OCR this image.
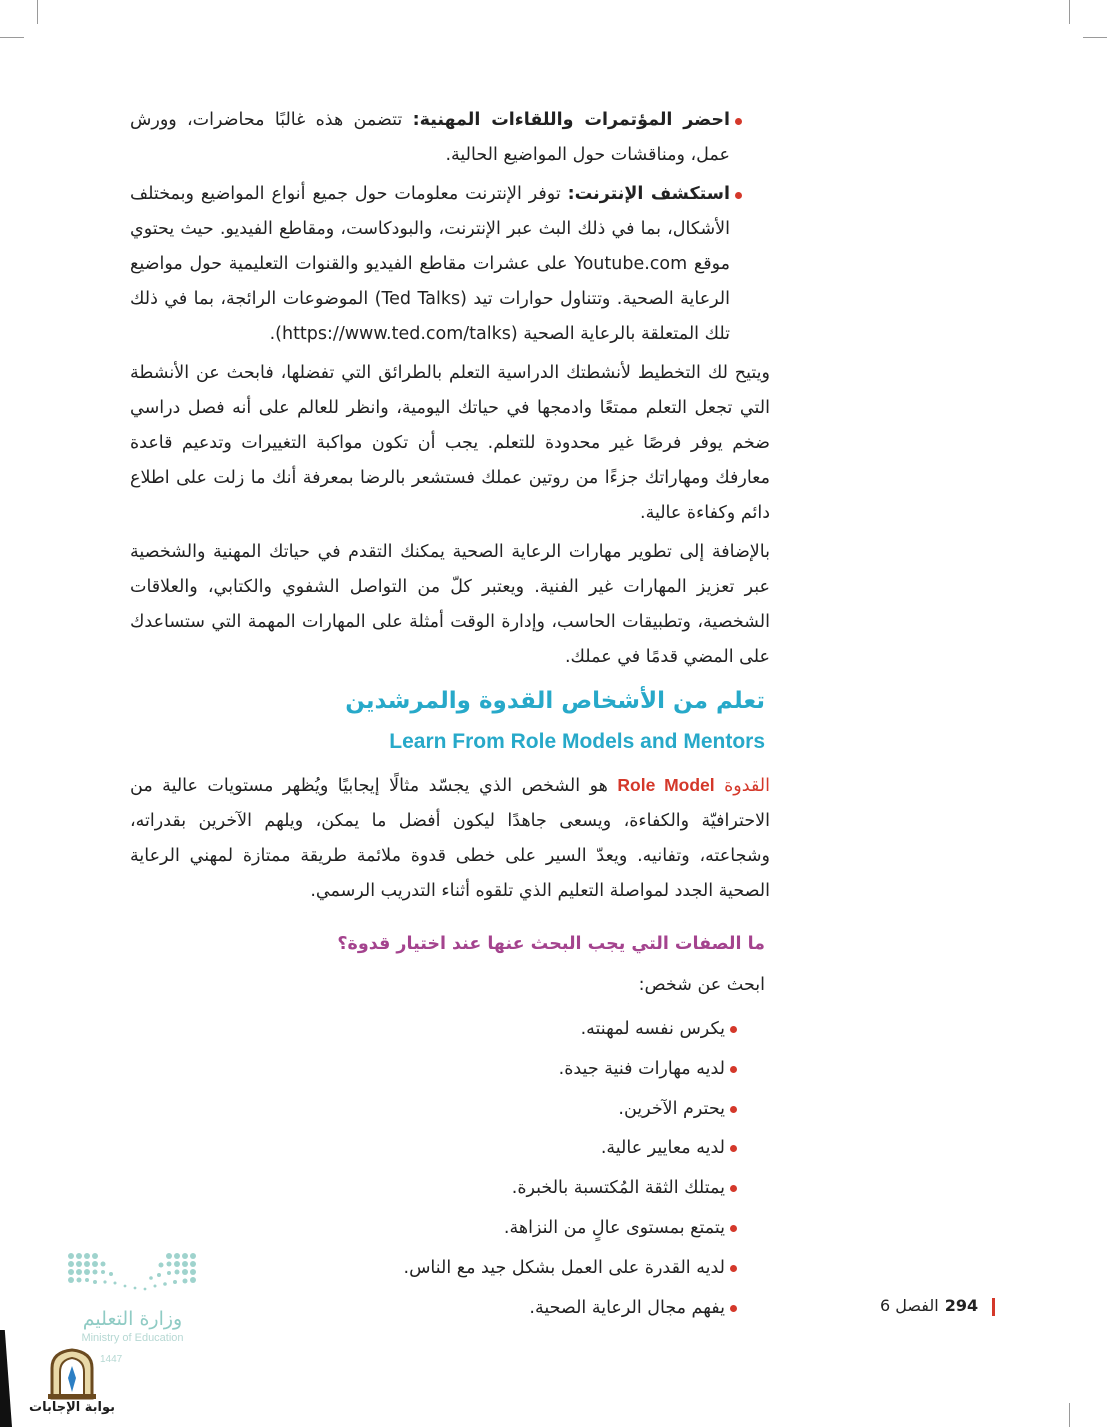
احضر المؤتمرات واللقاءات المهنية: تتضمن هذه غالبًا محاضرات، وورش عمل، ومناقشات حول المواضيع الحالية.

استكشف الإنترنت: توفر الإنترنت معلومات حول جميع أنواع المواضيع وبمختلف الأشكال، بما في ذلك البث عبر الإنترنت، والبودكاست، ومقاطع الفيديو. حيث يحتوي موقع Youtube.com على عشرات مقاطع الفيديو والقنوات التعليمية حول مواضيع الرعاية الصحية. وتتناول حوارات تيد (Ted Talks) الموضوعات الرائجة، بما في ذلك تلك المتعلقة بالرعاية الصحية (https://www.ted.com/talks).

ويتيح لك التخطيط لأنشطتك الدراسية التعلم بالطرائق التي تفضلها، فابحث عن الأنشطة التي تجعل التعلم ممتعًا وادمجها في حياتك اليومية، وانظر للعالم على أنه فصل دراسي ضخم يوفر فرصًا غير محدودة للتعلم. يجب أن تكون مواكبة التغييرات وتدعيم قاعدة معارفك ومهاراتك جزءًا من روتين عملك فستشعر بالرضا بمعرفة أنك ما زلت على اطلاع دائم وكفاءة عالية.

بالإضافة إلى تطوير مهارات الرعاية الصحية يمكنك التقدم في حياتك المهنية والشخصية عبر تعزيز المهارات غير الفنية. ويعتبر كلّ من التواصل الشفوي والكتابي، والعلاقات الشخصية، وتطبيقات الحاسب، وإدارة الوقت أمثلة على المهارات المهمة التي ستساعدك على المضي قدمًا في عملك.

تعلم من الأشخاص القدوة والمرشدين
Learn From Role Models and Mentors

القدوة Role Model هو الشخص الذي يجسّد مثالًا إيجابيًا ويُظهر مستويات عالية من الاحترافيّة والكفاءة، ويسعى جاهدًا ليكون أفضل ما يمكن، ويلهم الآخرين بقدراته، وشجاعته، وتفانيه. ويعدّ السير على خطى قدوة ملائمة طريقة ممتازة لمهني الرعاية الصحية الجدد لمواصلة التعليم الذي تلقوه أثناء التدريب الرسمي.

ما الصفات التي يجب البحث عنها عند اختيار قدوة؟
ابحث عن شخص:
يكرس نفسه لمهنته.
لديه مهارات فنية جيدة.
يحترم الآخرين.
لديه معايير عالية.
يمتلك الثقة المُكتسبة بالخبرة.
يتمتع بمستوى عالٍ من النزاهة.
لديه القدرة على العمل بشكل جيد مع الناس.
يفهم مجال الرعاية الصحية.	الفصل 6 294
وزارة التعليم
Ministry of Education
1447
بوابة الإجابات
